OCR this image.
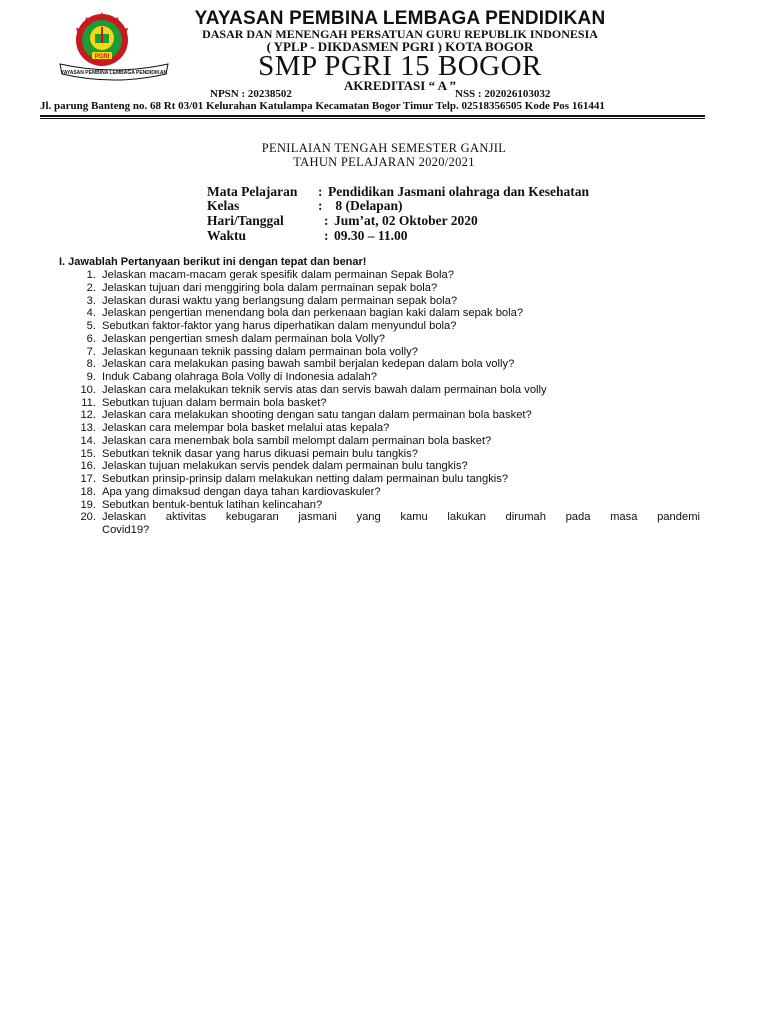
PGRI
YAYASAN PEMBINA LEMBAGA PENDIDIKAN
YAYASAN PEMBINA LEMBAGA PENDIDIKAN
DASAR DAN MENENGAH PERSATUAN GURU REPUBLIK INDONESIA
( YPLP - DIKDASMEN PGRI ) KOTA BOGOR
SMP PGRI 15 BOGOR
AKREDITASI “ A ”
NPSN : 20238502	NSS : 202026103032
Jl. parung Banteng no. 68 Rt 03/01 Kelurahan Katulampa Kecamatan Bogor Timur Telp. 02518356505 Kode Pos 161441
PENILAIAN TENGAH SEMESTER GANJIL
TAHUN PELAJARAN 2020/2021
Mata Pelajaran : Pendidikan Jasmani olahraga dan Kesehatan
Kelas	: 8 (Delapan)
Hari/Tanggal	: Jum’at, 02 Oktober 2020
Waktu	: 09.30 – 11.00
I. Jawablah Pertanyaan berikut ini dengan tepat dan benar!
1. Jelaskan macam-macam gerak spesifik dalam permainan Sepak Bola?
2. Jelaskan tujuan dari menggiring bola dalam permainan sepak bola?
3. Jelaskan durasi waktu yang berlangsung dalam permainan sepak bola?
4. Jelaskan pengertian menendang bola dan perkenaan bagian kaki dalam sepak bola?
5. Sebutkan faktor-faktor yang harus diperhatikan dalam menyundul bola?
6. Jelaskan pengertian smesh dalam permainan bola Volly?
7. Jelaskan kegunaan teknik passing dalam permainan bola volly?
8. Jelaskan cara melakukan pasing bawah sambil berjalan kedepan dalam bola volly?
9. Induk Cabang olahraga Bola Volly di Indonesia adalah?
10. Jelaskan cara melakukan teknik servis atas dan servis bawah dalam permainan bola volly
11. Sebutkan tujuan dalam bermain bola basket?
12. Jelaskan cara melakukan shooting dengan satu tangan dalam permainan bola basket?
13. Jelaskan cara melempar bola basket melalui atas kepala?
14. Jelaskan cara menembak bola sambil melompt dalam permainan bola basket?
15. Sebutkan teknik dasar yang harus dikuasi pemain bulu tangkis?
16. Jelaskan tujuan melakukan servis pendek dalam permainan bulu tangkis?
17. Sebutkan prinsip-prinsip dalam melakukan netting dalam permainan bulu tangkis?
18. Apa yang dimaksud dengan daya tahan kardiovaskuler?
19. Sebutkan bentuk-bentuk latihan kelincahan?
20. Jelaskan aktivitas kebugaran jasmani yang kamu lakukan dirumah pada masa pandemi
Covid19?
